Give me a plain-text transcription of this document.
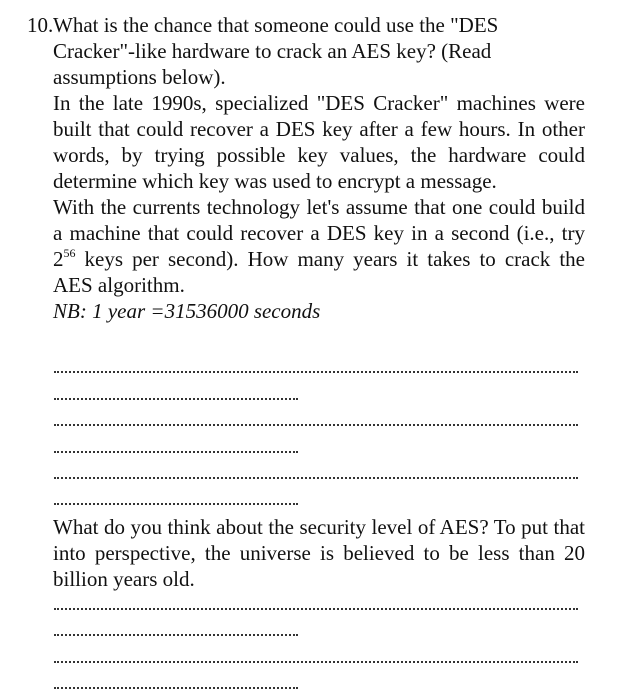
10. What is the chance that someone could use the "DES Cracker"-like hardware to crack an AES key? (Read assumptions below).

In the late 1990s, specialized "DES Cracker" machines were built that could recover a DES key after a few hours. In other words, by trying possible key values, the hardware could determine which key was used to encrypt a message.

With the currents technology let's assume that one could build a machine that could recover a DES key in a second (i.e., try $2^{56}$ keys per second). How many years it takes to crack the AES algorithm.

NB: 1 year =31536000 seconds

What do you think about the security level of AES? To put that into perspective, the universe is believed to be less than 20 billion years old.
